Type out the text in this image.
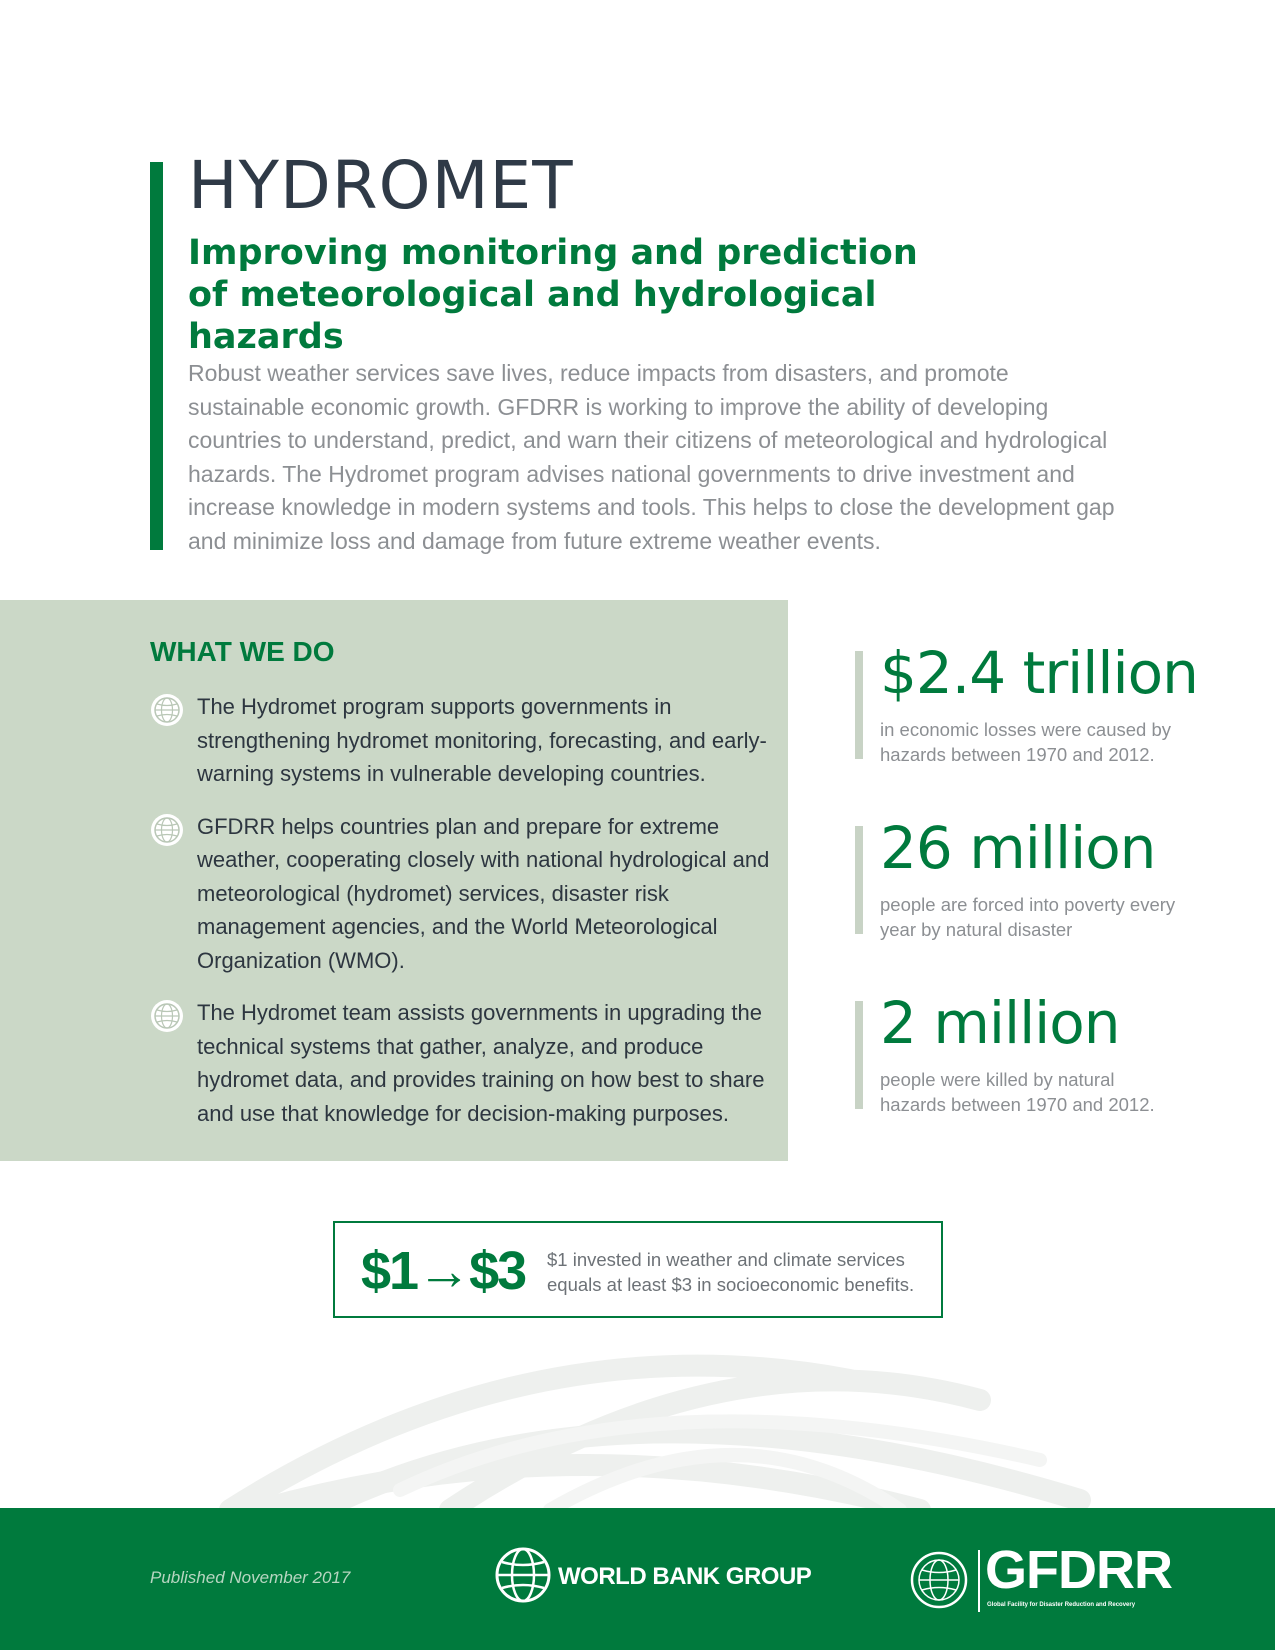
HYDROMET
Improving monitoring and prediction of meteorological and hydrological hazards

Robust weather services save lives, reduce impacts from disasters, and promote sustainable economic growth. GFDRR is working to improve the ability of developing countries to understand, predict, and warn their citizens of meteorological and hydrological hazards. The Hydromet program advises national governments to drive investment and increase knowledge in modern systems and tools. This helps to close the development gap and minimize loss and damage from future extreme weather events.

WHAT WE DO
The Hydromet program supports governments in strengthening hydromet monitoring, forecasting, and early-warning systems in vulnerable developing countries.
GFDRR helps countries plan and prepare for extreme weather, cooperating closely with national hydrological and meteorological (hydromet) services, disaster risk management agencies, and the World Meteorological Organization (WMO).
The Hydromet team assists governments in upgrading the technical systems that gather, analyze, and produce hydromet data, and provides training on how best to share and use that knowledge for decision-making purposes.
$2.4 trillion

in economic losses were caused by hazards between 1970 and 2012.

26 million

people are forced into poverty every year by natural disaster

2 million

people were killed by natural hazards between 1970 and 2012.

$1→$3 $1 invested in weather and climate services equals at least $3 in socioeconomic benefits.

Published November 2017	WORLD BANK GROUP	GFDRR
Global Facility for Disaster Reduction and Recovery
